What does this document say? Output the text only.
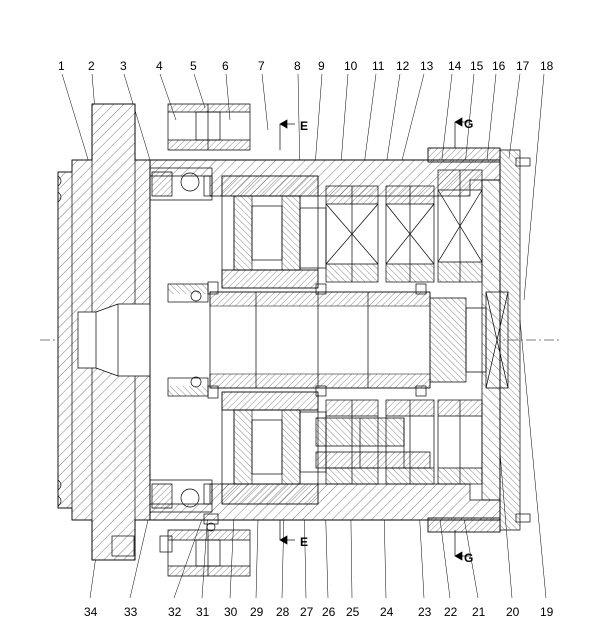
1 2 3 4 5 6 7 8 9 10 11 12 13 14 15 16 17 18
34 33	32 31 30 29 28 27 26 25 24 23 22 21 20 19
E
E
G
G
